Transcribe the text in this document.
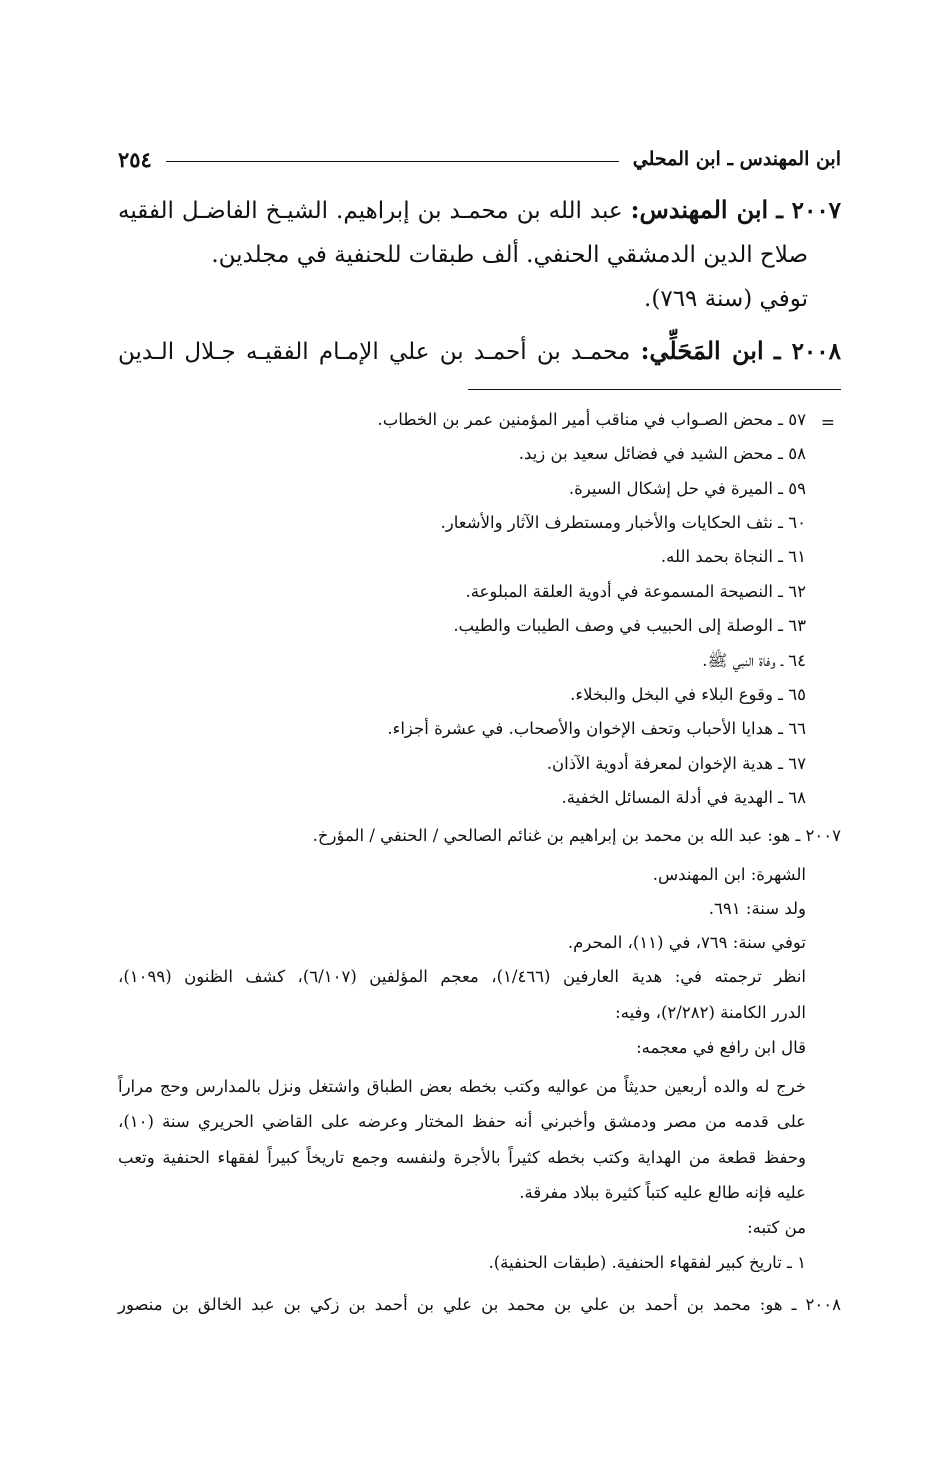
ابن المهندس ـ ابن المحلي
٢٥٤
٢٠٠٧ ـ ابن المهندس: عبد الله بن محمـد بن إبراهيم. الشيـخ الفاضـل الفقيه
صلاح الدين الدمشقي الحنفي. ألف طبقات للحنفية في مجلدين.
توفي (سنة ٧٦٩).
٢٠٠٨ ـ ابن المَحَلِّي: محمـد بن أحمـد بن علي الإمـام الفقيـه جـلال الـدين
=
٥٧ ـ محض الصـواب في مناقب أمير المؤمنين عمر بن الخطاب.
٥٨ ـ محض الشيد في فضائل سعيد بن زيد.
٥٩ ـ الميرة في حل إشكال السيرة.
٦٠ ـ نثف الحكايات والأخبار ومستطرف الآثار والأشعار.
٦١ ـ النجاة بحمد الله.
٦٢ ـ النصيحة المسموعة في أدوية العلقة المبلوعة.
٦٣ ـ الوصلة إلى الحبيب في وصف الطيبات والطيب.
٦٤ ـ وفاة النبي ﷺ.
٦٥ ـ وقوع البلاء في البخل والبخلاء.
٦٦ ـ هدايا الأحباب وتحف الإخوان والأصحاب. في عشرة أجزاء.
٦٧ ـ هدية الإخوان لمعرفة أدوية الآذان.
٦٨ ـ الهدية في أدلة المسائل الخفية.
٢٠٠٧ ـ هو: عبد الله بن محمد بن إبراهيم بن غنائم الصالحي / الحنفي / المؤرخ.
الشهرة: ابن المهندس.
ولد سنة: ٦٩١.
توفي سنة: ٧٦٩، في (١١)، المحرم.
انظر ترجمته في: هدية العارفين (١/٤٦٦)، معجم المؤلفين (٦/١٠٧)، كشف الظنون (١٠٩٩)،
الدرر الكامنة (٢/٢٨٢)، وفيه:
قال ابن رافع في معجمه:
خرج له والده أربعين حديثاً من عواليه وكتب بخطه بعض الطباق واشتغل ونزل بالمدارس وحج مراراً
على قدمه من مصر ودمشق وأخبرني أنه حفظ المختار وعرضه على القاضي الحريري سنة (١٠)،
وحفظ قطعة من الهداية وكتب بخطه كثيراً بالأجرة ولنفسه وجمع تاريخاً كبيراً لفقهاء الحنفية وتعب
عليه فإنه طالع عليه كتباً كثيرة ببلاد مفرقة.
من كتبه:
١ ـ تاريخ كبير لفقهاء الحنفية. (طبقات الحنفية).
٢٠٠٨ ـ هو: محمد بن أحمد بن علي بن محمد بن علي بن أحمد بن زكي بن عبد الخالق بن منصور
